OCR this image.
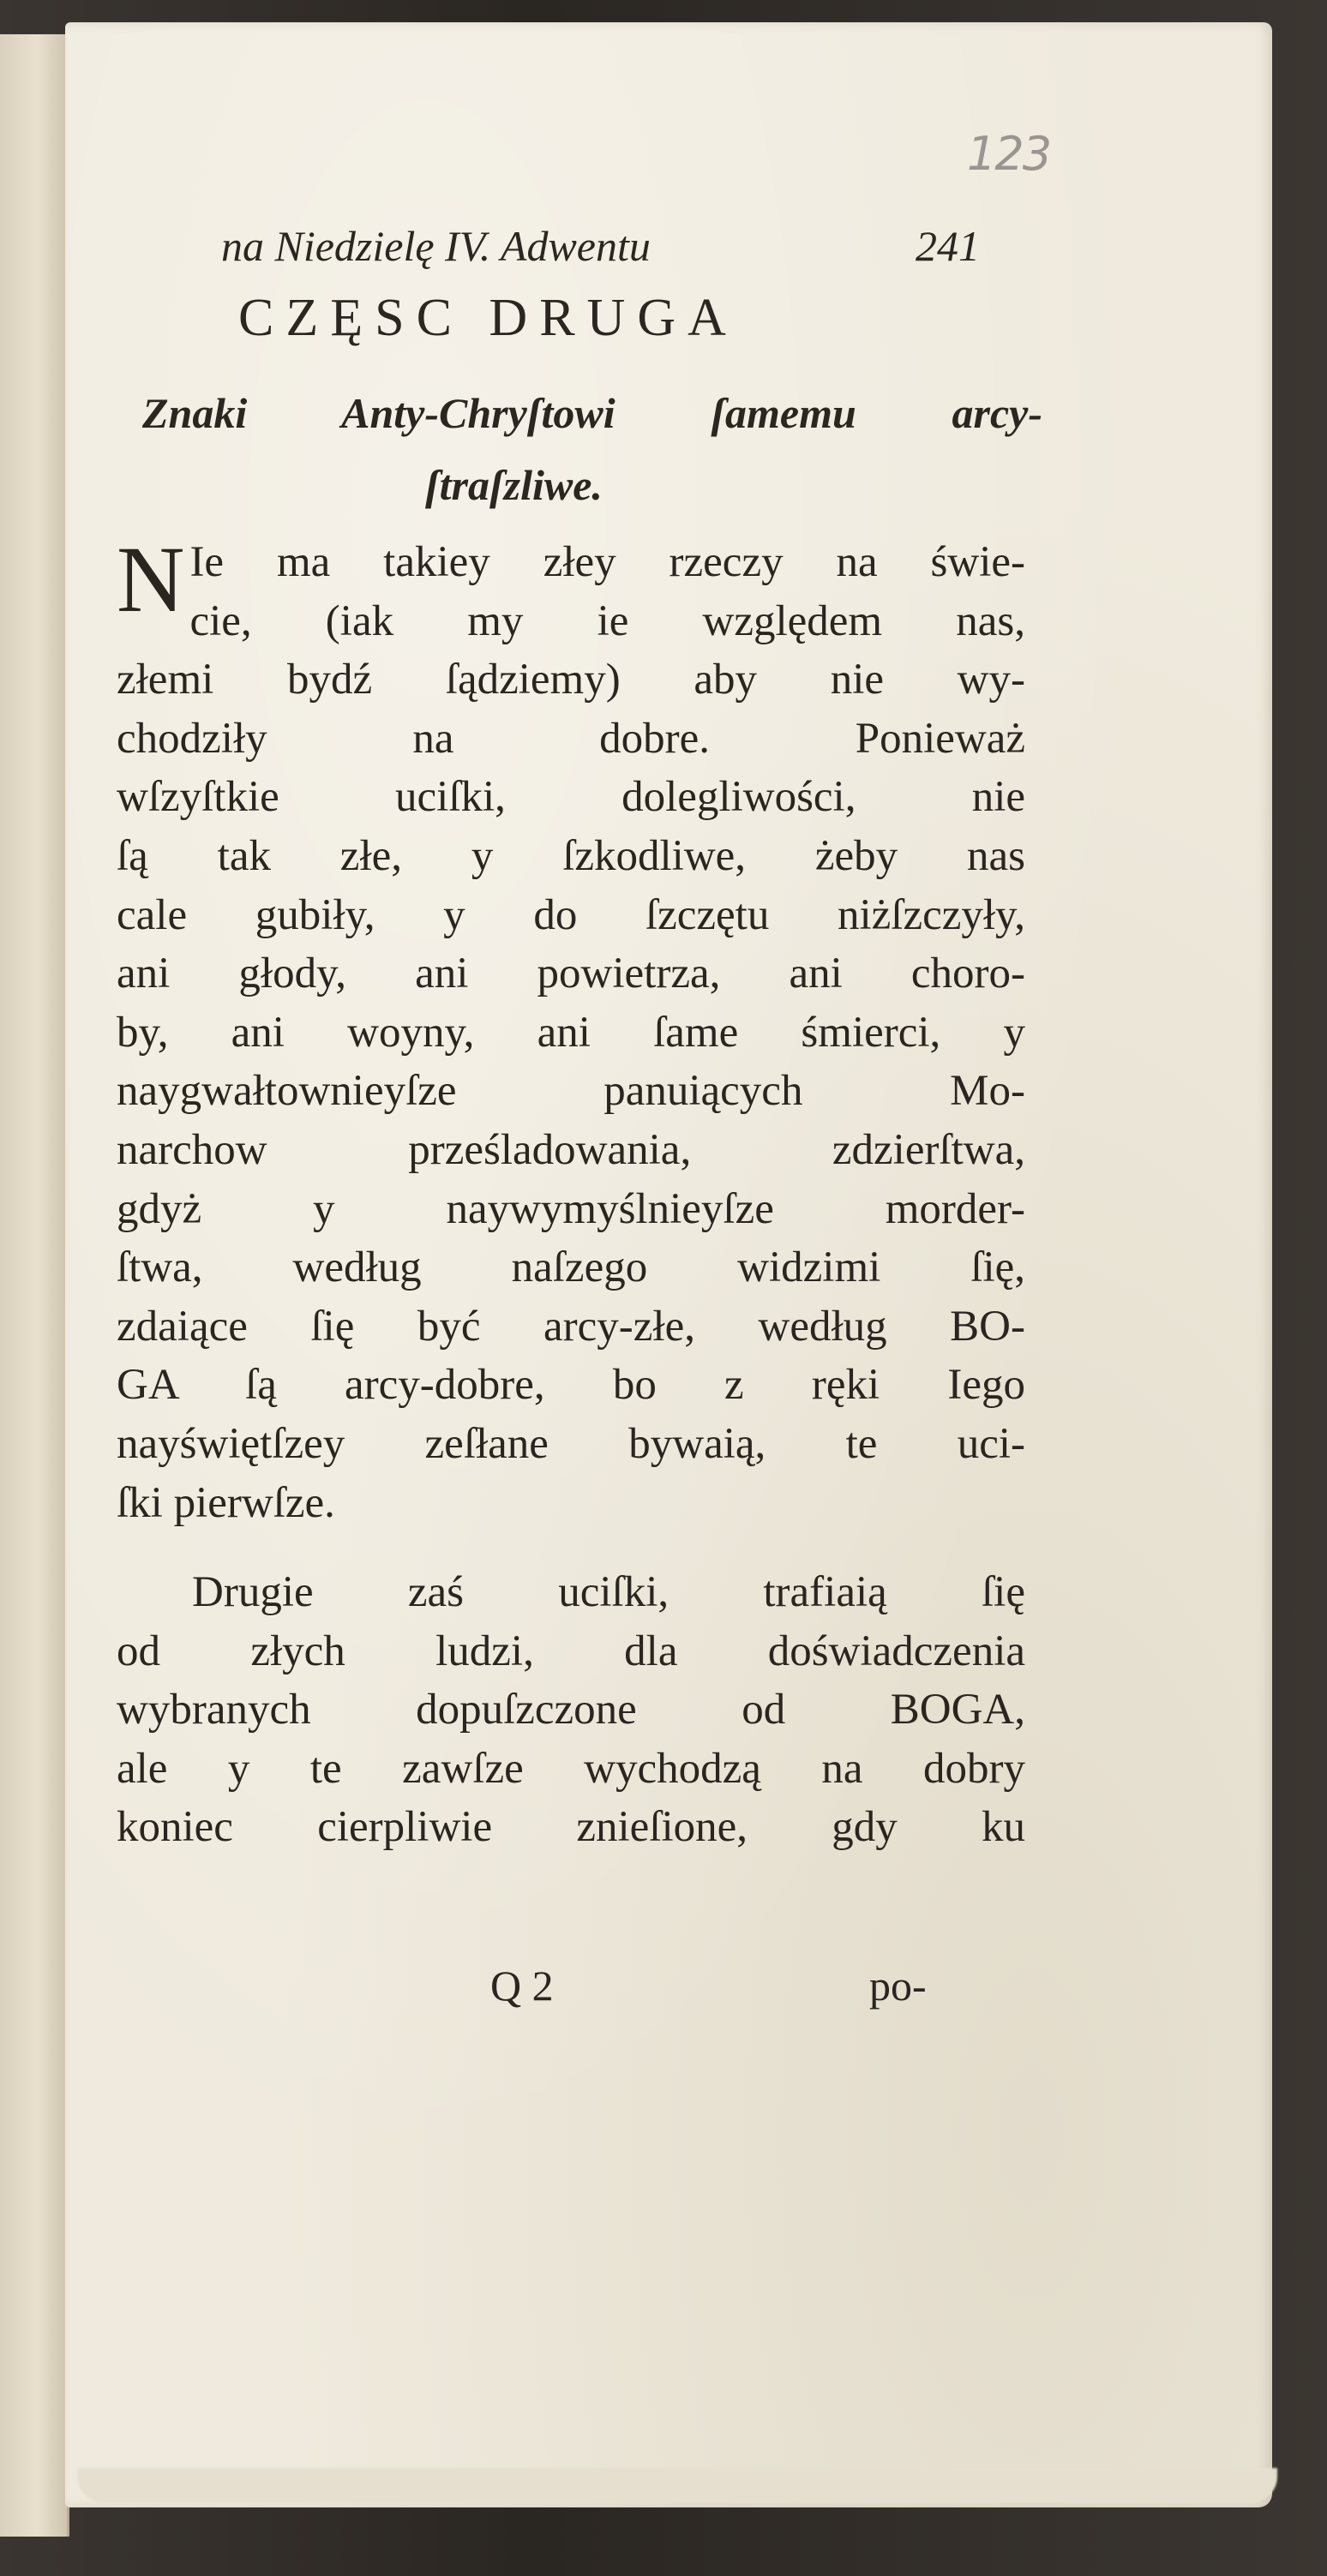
123
na Niedzielę IV. Adwentu	241
CZĘSC DRUGA
Znaki Anty-Chryſtowi ſamemu arcy-
ſtraſzliwe.
N Ie ma takiey złey rzeczy na świe-
cie, (iak my ie względem nas,
złemi bydź ſądziemy) aby nie wy-
chodziły na dobre. Ponieważ
wſzyſtkie uciſki, dolegliwości, nie
ſą tak złe, y ſzkodliwe, żeby nas
cale gubiły, y do ſzczętu niżſzczyły,
ani głody, ani powietrza, ani choro-
by, ani woyny, ani ſame śmierci, y
naygwałtownieyſze panuiących Mo-
narchow prześladowania, zdzierſtwa,
gdyż y naywymyślnieyſze morder-
ſtwa, według naſzego widzimi ſię,
zdaiące ſię być arcy-złe, według BO-
GA ſą arcy-dobre, bo z ręki Iego
nayświętſzey zeſłane bywaią, te uci-
ſki pierwſze.
Drugie zaś uciſki, trafiaią ſię
od złych ludzi, dla doświadczenia
wybranych dopuſzczone od BOGA,
ale y te zawſze wychodzą na dobry
koniec cierpliwie znieſione, gdy ku
Q 2	po-
